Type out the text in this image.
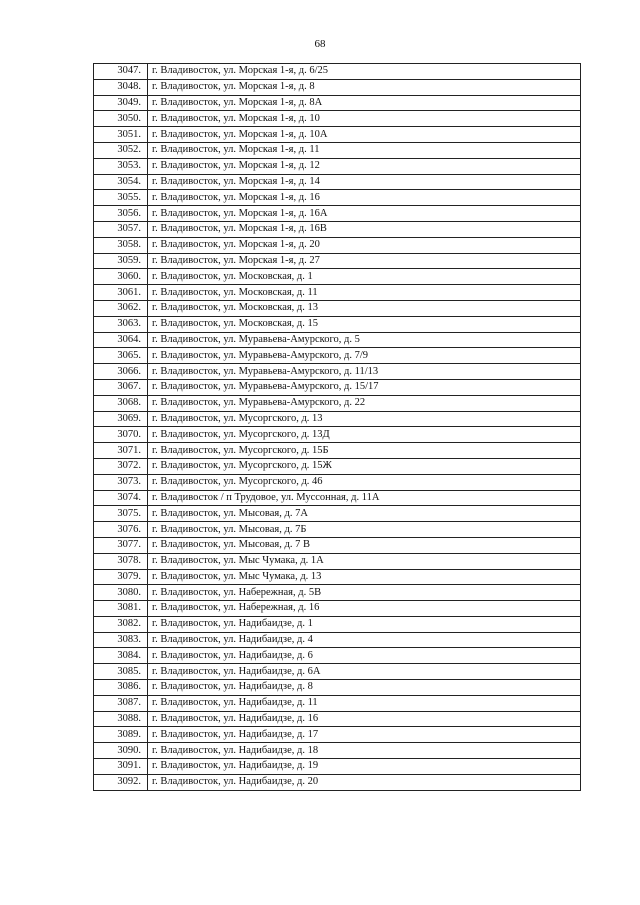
68
3047.	г. Владивосток, ул. Морская 1-я, д. 6/25
3048.	г. Владивосток, ул. Морская 1-я, д. 8
3049.	г. Владивосток, ул. Морская 1-я, д. 8А
3050.	г. Владивосток, ул. Морская 1-я, д. 10
3051.	г. Владивосток, ул. Морская 1-я, д. 10А
3052.	г. Владивосток, ул. Морская 1-я, д. 11
3053.	г. Владивосток, ул. Морская 1-я, д. 12
3054.	г. Владивосток, ул. Морская 1-я, д. 14
3055.	г. Владивосток, ул. Морская 1-я, д. 16
3056.	г. Владивосток, ул. Морская 1-я, д. 16А
3057.	г. Владивосток, ул. Морская 1-я, д. 16В
3058.	г. Владивосток, ул. Морская 1-я, д. 20
3059.	г. Владивосток, ул. Морская 1-я, д. 27
3060.	г. Владивосток, ул. Московская, д. 1
3061.	г. Владивосток, ул. Московская, д. 11
3062.	г. Владивосток, ул. Московская, д. 13
3063.	г. Владивосток, ул. Московская, д. 15
3064.	г. Владивосток, ул. Муравьева-Амурского, д. 5
3065.	г. Владивосток, ул. Муравьева-Амурского, д. 7/9
3066.	г. Владивосток, ул. Муравьева-Амурского, д. 11/13
3067.	г. Владивосток, ул. Муравьева-Амурского, д. 15/17
3068.	г. Владивосток, ул. Муравьева-Амурского, д. 22
3069.	г. Владивосток, ул. Мусоргского, д. 13
3070.	г. Владивосток, ул. Мусоргского, д. 13Д
3071.	г. Владивосток, ул. Мусоргского, д. 15Б
3072.	г. Владивосток, ул. Мусоргского, д. 15Ж
3073.	г. Владивосток, ул. Мусоргского, д. 46
3074.	г. Владивосток / п Трудовое, ул. Муссонная, д. 11А
3075.	г. Владивосток, ул. Мысовая, д. 7А
3076.	г. Владивосток, ул. Мысовая, д. 7Б
3077.	г. Владивосток, ул. Мысовая, д. 7 В
3078.	г. Владивосток, ул. Мыс Чумака, д. 1А
3079.	г. Владивосток, ул. Мыс Чумака, д. 13
3080.	г. Владивосток, ул. Набережная, д. 5В
3081.	г. Владивосток, ул. Набережная, д. 16
3082.	г. Владивосток, ул. Надибаидзе, д. 1
3083.	г. Владивосток, ул. Надибаидзе, д. 4
3084.	г. Владивосток, ул. Надибаидзе, д. 6
3085.	г. Владивосток, ул. Надибаидзе, д. 6А
3086.	г. Владивосток, ул. Надибаидзе, д. 8
3087.	г. Владивосток, ул. Надибаидзе, д. 11
3088.	г. Владивосток, ул. Надибаидзе, д. 16
3089.	г. Владивосток, ул. Надибаидзе, д. 17
3090.	г. Владивосток, ул. Надибаидзе, д. 18
3091.	г. Владивосток, ул. Надибаидзе, д. 19
3092.	г. Владивосток, ул. Надибаидзе, д. 20
